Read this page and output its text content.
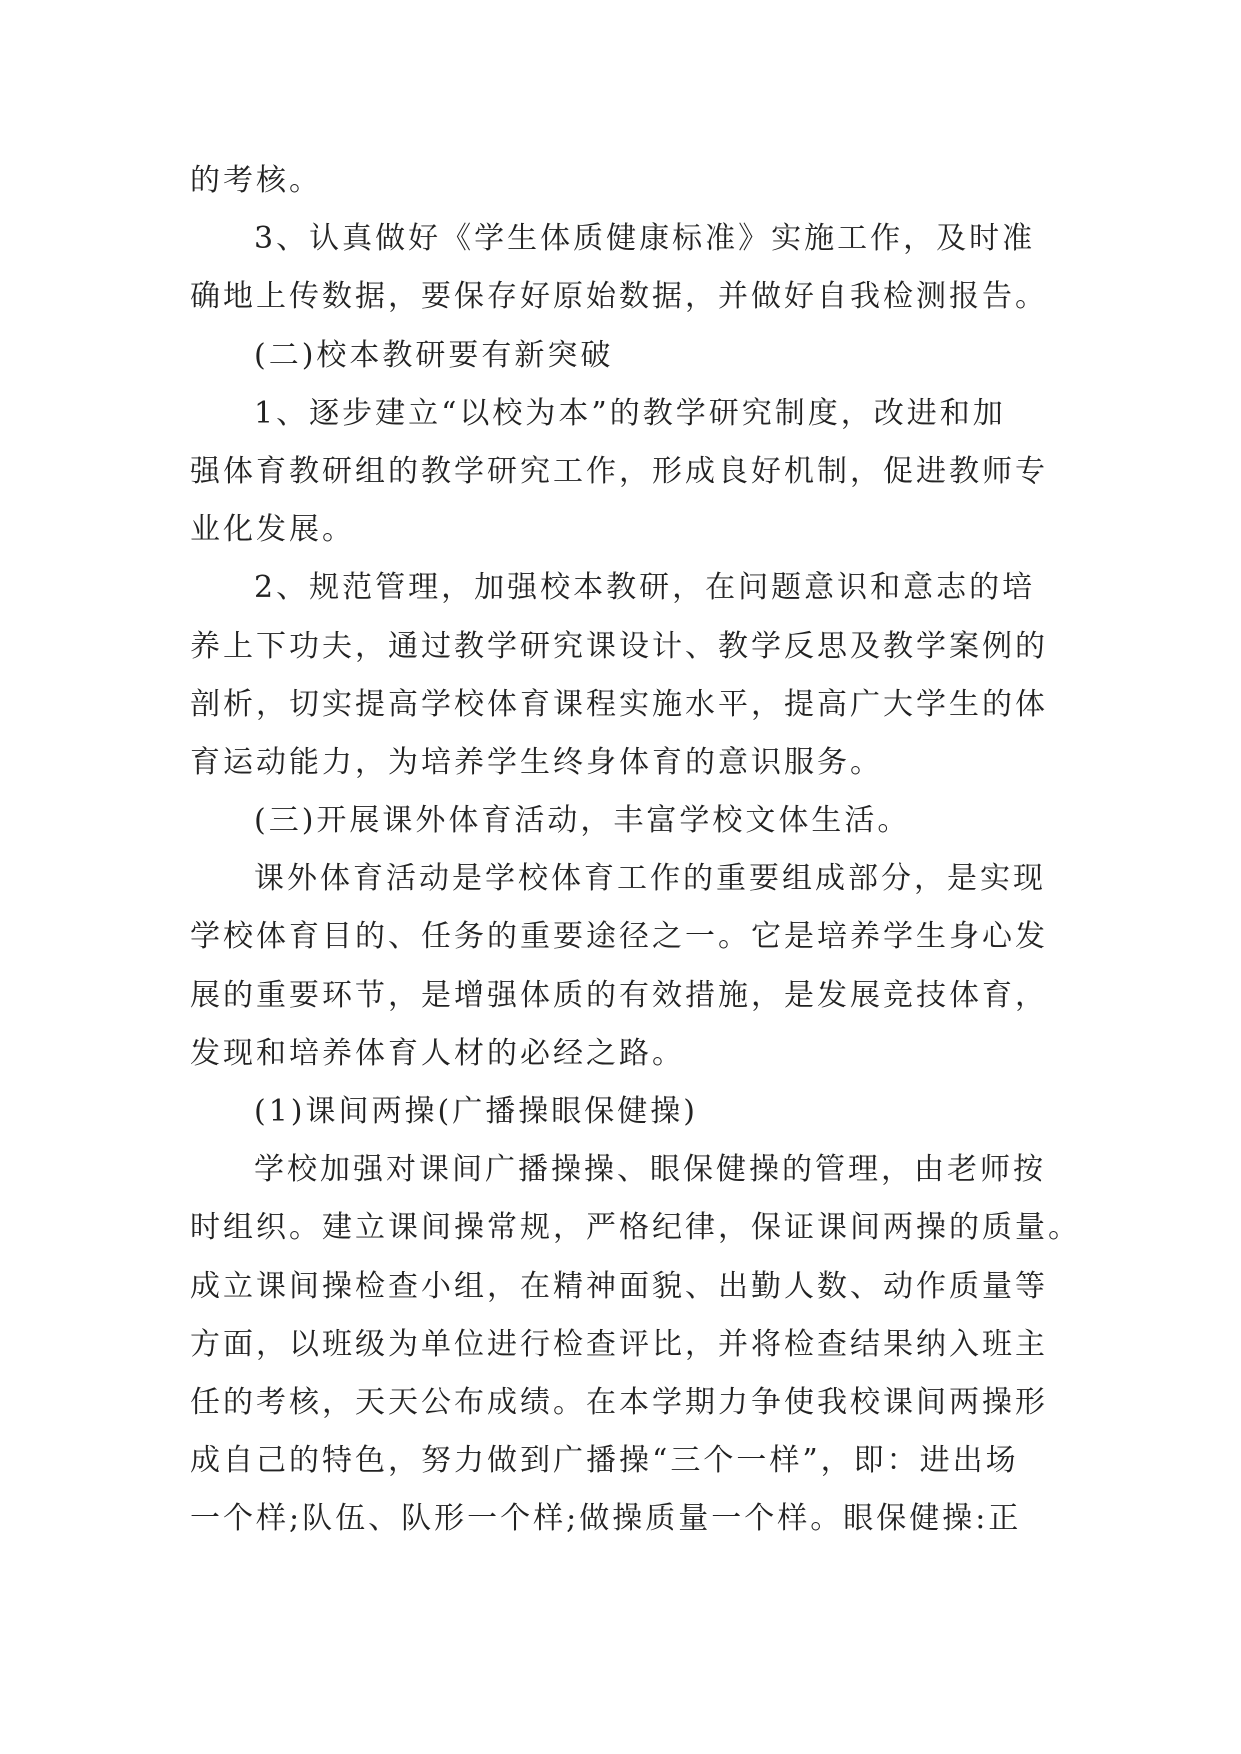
的考核。
3、认真做好《学生体质健康标准》实施工作，及时准
确地上传数据，要保存好原始数据，并做好自我检测报告。
(二)校本教研要有新突破
1、逐步建立“以校为本”的教学研究制度，改进和加
强体育教研组的教学研究工作，形成良好机制，促进教师专
业化发展。
2、规范管理，加强校本教研，在问题意识和意志的培
养上下功夫，通过教学研究课设计、教学反思及教学案例的
剖析，切实提高学校体育课程实施水平，提高广大学生的体
育运动能力，为培养学生终身体育的意识服务。
(三)开展课外体育活动，丰富学校文体生活。
课外体育活动是学校体育工作的重要组成部分，是实现
学校体育目的、任务的重要途径之一。它是培养学生身心发
展的重要环节，是增强体质的有效措施，是发展竞技体育，
发现和培养体育人材的必经之路。
(1)课间两操(广播操眼保健操)
学校加强对课间广播操操、眼保健操的管理，由老师按
时组织。建立课间操常规，严格纪律，保证课间两操的质量。
成立课间操检查小组，在精神面貌、出勤人数、动作质量等
方面，以班级为单位进行检查评比，并将检查结果纳入班主
任的考核，天天公布成绩。在本学期力争使我校课间两操形
成自己的特色，努力做到广播操“三个一样”，即：进出场
一个样;队伍、队形一个样;做操质量一个样。眼保健操:正
